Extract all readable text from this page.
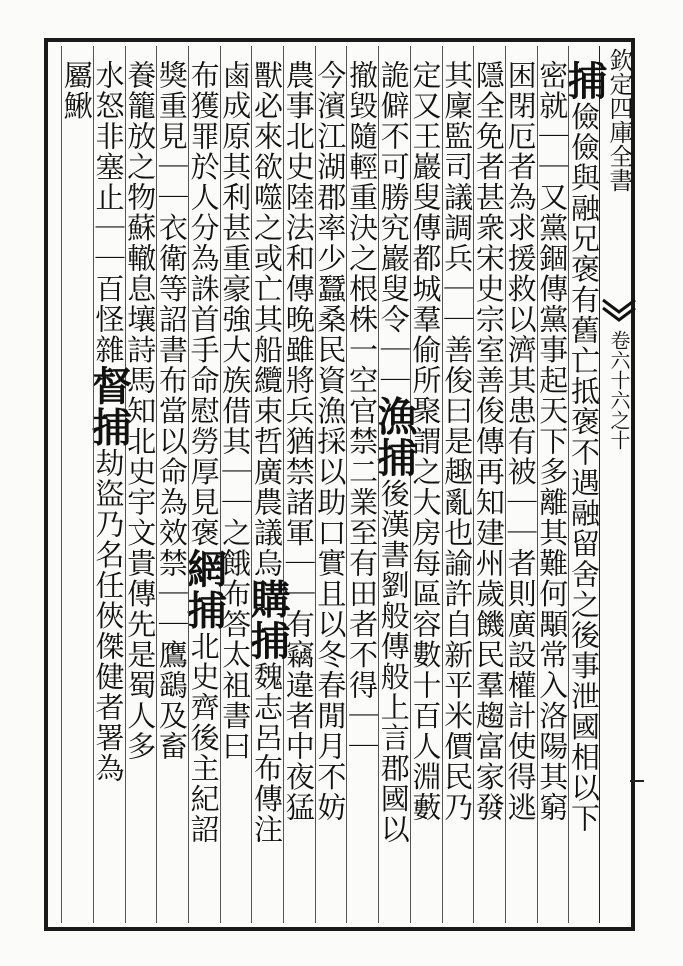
欽定四庫全書
卷六十六之十
捕儉儉與融兄褒有舊亡抵褒不遇融留舍之後事泄國相以下
密就｜｜又黨錮傳黨事起天下多離其難何顒常入洛陽其窮
困閉厄者為求援救以濟其患有被｜｜者則廣設權計使得逃
隱全免者甚衆宋史宗室善俊傳再知建州歲饑民羣趨富家發
其廩監司議調兵｜｜善俊曰是趣亂也諭許自新平米價民乃
定又王巖叟傳都城羣偷所聚謂之大房每區容數十百人淵藪
詭僻不可勝究巖叟令｜｜漁捕後漢書劉般傳般上言郡國以
撤毀隨輕重決之根株一空官禁二業至有田者不得｜｜
今濱江湖郡率少蠶桑民資漁採以助口實且以冬春閒月不妨
農事北史陸法和傳晚雖將兵猶禁諸軍｜｜有竊違者中夜猛
獸必來欲噬之或亡其船纜束哲廣農議烏購捕魏志呂布傳注
鹵成原其利甚重豪強大族借其｜｜之餓布答太祖書曰
布獲罪於人分為誅首手命慰勞厚見褒網捕北史齊後主紀詔
獎重見｜｜衣衛等詔書布當以命為效禁｜｜鷹鷂及畜
養籠放之物蘇轍息壤詩馬知北史宇文貴傳先是蜀人多
水怒非塞止｜｜百怪雜督捕劫盜乃名任俠傑健者署為
屬鰍
